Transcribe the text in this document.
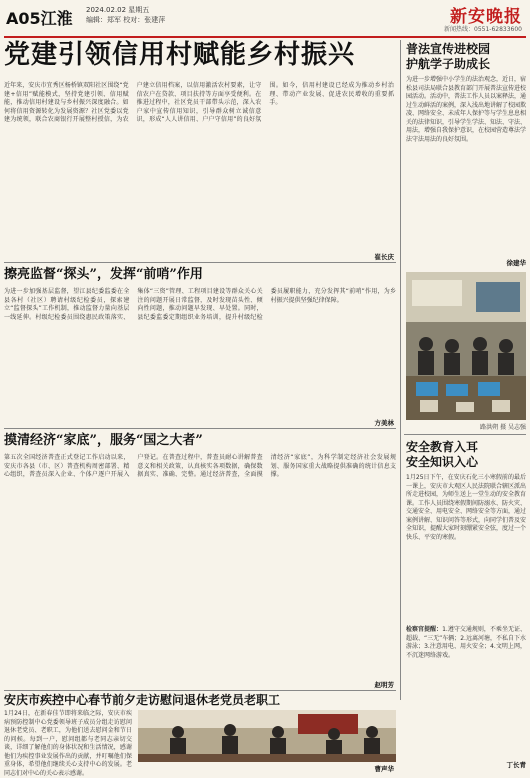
A05江淮 2024.02.02 星期五
编辑：郑军 校对：张建萍	新安晚报
新闻热线：0551-62833600
党建引领信用村赋能乡村振兴
近年来，安庆市宜秀区杨桥镇双阳社区围绕“党建+信用”赋能模式，坚持党建引领、信用赋能，推动信用村建设与乡村振兴深度融合。如何将信用资源转化为发展资源？社区党委以党建为统领，联合农商银行开展整村授信，为农户建立信用档案，以信用激活农村要素，让守信农户在贷款、项目扶持等方面享受便利。在推进过程中，社区党员干部带头示范，深入农户家中宣传信用知识，引导群众树立诚信意识，形成“人人讲信用、户户守信用”的良好氛围。如今，信用村建设已经成为推动乡村治理、带动产业发展、促进农民增收的重要抓手。
崔长庆
普法宣传进校园
护航学子助成长
为进一步增强中小学生的法治观念，近日，宿松县司法局联合县教育部门开展普法宣传进校园活动。活动中，普法工作人员以案释法，通过生动鲜活的案例，深入浅出地讲解了校园欺凌、网络安全、未成年人保护等与学生息息相关的法律知识，引导学生学法、知法、守法、用法，增强自我保护意识，在校园营造尊法学法守法用法的良好氛围。
徐建华
路洪朔 摄 吴志强
安全教育入耳
安全知识入心
1月25日下午，在安庆石化三小寒假前的最后一课上，安庆市大观区人民法院联合辖区派出所走进校园，为师生送上一堂生动的安全教育课。工作人员围绕寒假期间防溺水、防火灾、交通安全、用电安全、网络安全等方面，通过案例讲解、知识问答等形式，向同学们普及安全知识，提醒大家时刻绷紧安全弦，度过一个快乐、平安的寒假。
检察官提醒：1.遵守交通规则，不乘坐无证、超载、“三无”车辆；2.远离河塘，不私自下水游泳；3.注意用电、用火安全；4.文明上网，不沉迷网络游戏。
丁长青
擦亮监督“探头”，发挥“前哨”作用
为进一步加强基层监督，望江县纪委监委在全县各村（社区）聘请村级纪检委员，探索建立“监督探头”工作机制，推动监督力量向基层一线延伸。村级纪检委员围绕惠民政策落实、集体“三资”管理、工程项目建设等群众关心关注的问题开展日常监督，及时发现苗头性、倾向性问题，推动问题早发现、早处置。同时，县纪委监委定期组织业务培训，提升村级纪检委员履职能力，充分发挥其“前哨”作用，为乡村振兴提供坚强纪律保障。
方美林
摸清经济“家底”，服务“国之大者”
第五次全国经济普查正式登记工作启动以来，安庆市各县（市、区）普查机构周密部署、精心组织，普查员深入企业、个体户逐户开展入户登记。在普查过程中，普查员耐心讲解普查意义和相关政策，认真核实各项数据，确保数据真实、准确、完整。通过经济普查，全面摸清经济“家底”，为科学制定经济社会发展规划、服务国家重大战略提供准确的统计信息支撑。
赵明芳
安庆市疾控中心春节前夕走访慰问退休老党员老职工
1月24日，在新春佳节即将来临之际，安庆市疾病预防控制中心党委领导班子成员分组走访慰问退休老党员、老职工，为他们送去慰问金和节日的问候。每到一户，慰问组都与老同志亲切交谈，详细了解他们的身体状况和生活情况，感谢他们为疾控事业发展作出的贡献，并叮嘱他们保重身体，希望他们继续关心支持中心的发展。老同志们对中心的关心表示感谢。	曹声华
